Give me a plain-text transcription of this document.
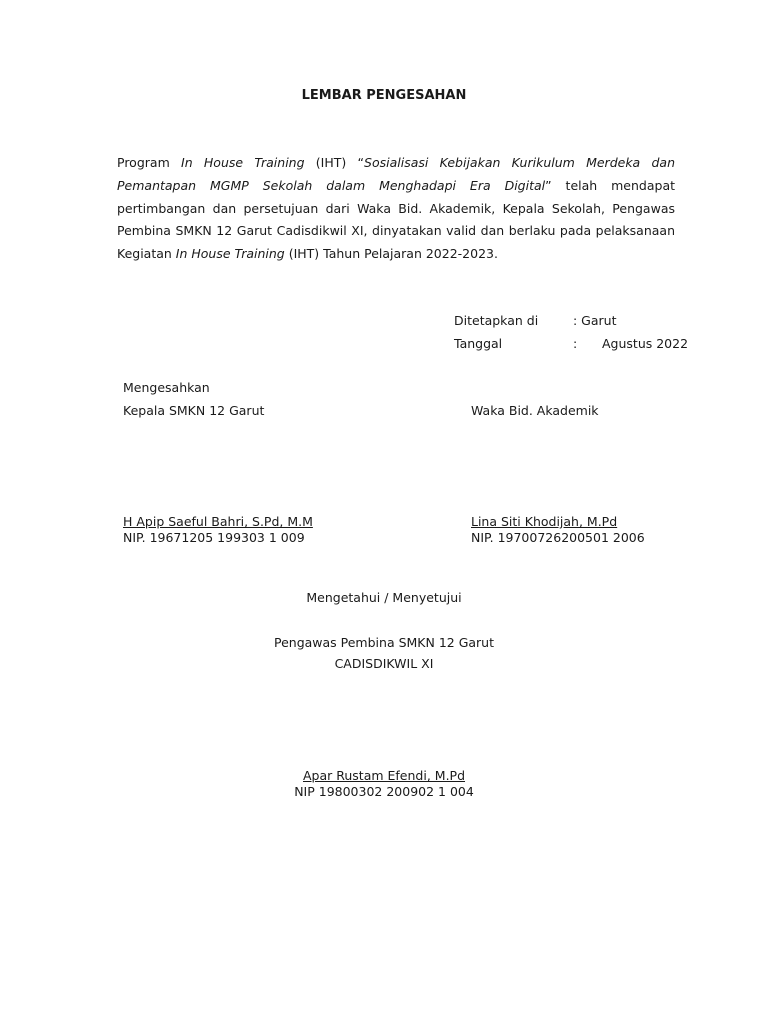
LEMBAR PENGESAHAN
Program In House Training (IHT) “Sosialisasi Kebijakan Kurikulum Merdeka dan Pemantapan MGMP Sekolah dalam Menghadapi Era Digital” telah mendapat pertimbangan dan persetujuan dari Waka Bid. Akademik, Kepala Sekolah, Pengawas Pembina SMKN 12 Garut Cadisdikwil XI, dinyatakan valid dan berlaku pada pelaksanaan Kegiatan In House Training (IHT) Tahun Pelajaran 2022-2023.
Ditetapkan di	: Garut
Tanggal	: Agustus 2022
Mengesahkan
Kepala SMKN 12 Garut	Waka Bid. Akademik
H Apip Saeful Bahri, S.Pd, M.M
NIP. 19671205 199303 1 009
Lina Siti Khodijah, M.Pd
NIP. 19700726200501 2006
Mengetahui / Menyetujui
Pengawas Pembina SMKN 12 Garut
CADISDIKWIL XI
Apar Rustam Efendi, M.Pd
NIP 19800302 200902 1 004
